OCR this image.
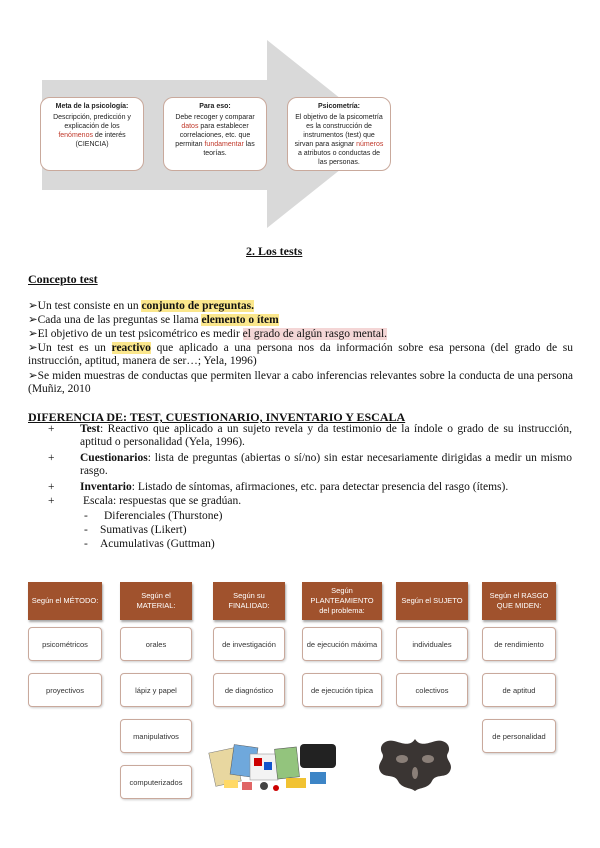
Meta de la psicología:
Descripción, predicción y explicación de los fenómenos de interés (CIENCIA)
Para eso:
Debe recoger y comparar datos para establecer correlaciones, etc. que permitan fundamentar las teorías.
Psicometría:
El objetivo de la psicometría es la construcción de instrumentos (test) que sirvan para asignar números a atributos o conductas de las personas.
2. Los tests
Concepto test
➢Un test consiste en un conjunto de preguntas.
➢Cada una de las preguntas se llama elemento o ítem
➢El objetivo de un test psicométrico es medir el grado de algún rasgo mental.
➢Un test es un reactivo que aplicado a una persona nos da información sobre esa persona (del grado de su instrucción, aptitud, manera de ser…; Yela, 1996)
➢Se miden muestras de conductas que permiten llevar a cabo inferencias relevantes sobre la conducta de una persona (Muñiz, 2010
DIFERENCIA DE: TEST, CUESTIONARIO, INVENTARIO Y ESCALA
+ Test: Reactivo que aplicado a un sujeto revela y da testimonio de la índole o grado de su instrucción, aptitud o personalidad (Yela, 1996).
+ Cuestionarios: lista de preguntas (abiertas o sí/no) sin estar necesariamente dirigidas a medir un mismo rasgo.
+ Inventario: Listado de síntomas, afirmaciones, etc. para detectar presencia del rasgo (ítems).
+ Escala: respuestas que se gradúan.
- Diferenciales (Thurstone)
- Sumativas (Likert)
- Acumulativas (Guttman)
Según el MÉTODO:
psicométricos
proyectivos
Según el MATERIAL:
orales
lápiz y papel
manipulativos
computerizados
Según su FINALIDAD:
de investigación
de diagnóstico
Según PLANTEAMIENTO del problema:
de ejecución máxima
de ejecución típica
Según el SUJETO
individuales
colectivos
Según el RASGO QUE MIDEN:
de rendimiento
de aptitud
de personalidad
